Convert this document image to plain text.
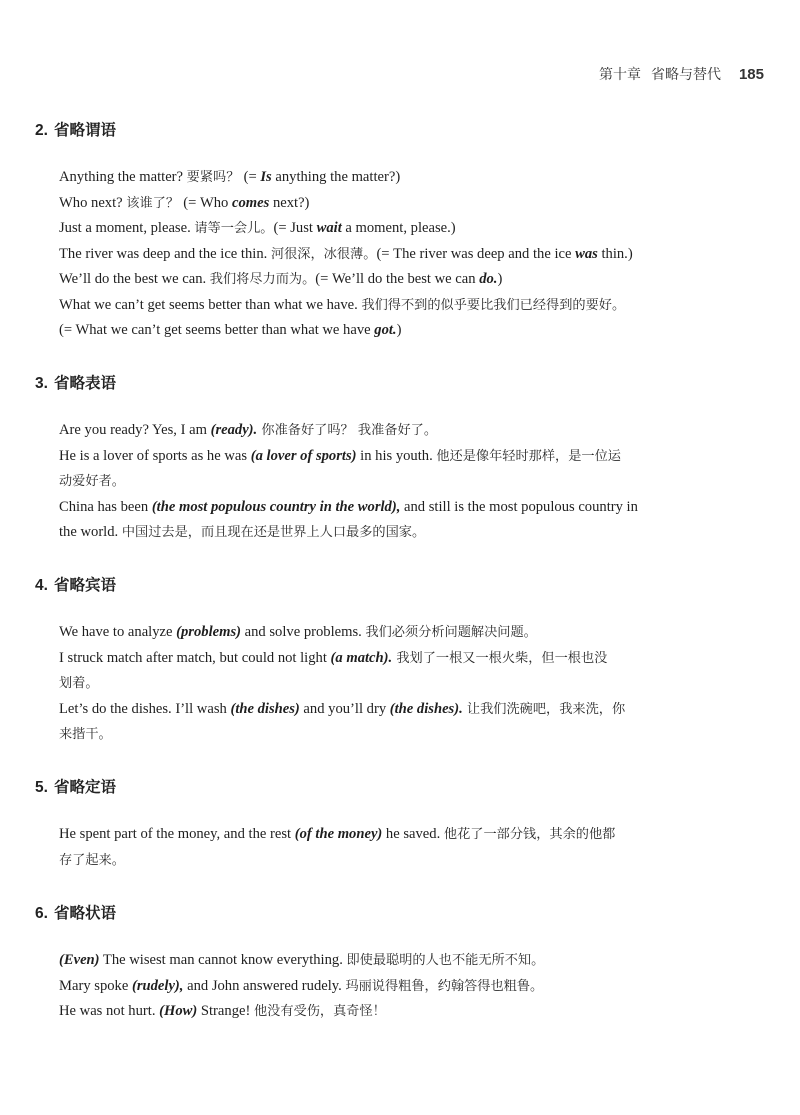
第十章 省略与替代 185
2. 省略谓语
Anything the matter? 要紧吗？ (= Is anything the matter?)
Who next? 该谁了？ (= Who comes next?)
Just a moment, please. 请等一会儿。(= Just wait a moment, please.)
The river was deep and the ice thin. 河很深，冰很薄。(= The river was deep and the ice was thin.)
We’ll do the best we can. 我们将尽力而为。(= We’ll do the best we can do.)
What we can’t get seems better than what we have. 我们得不到的似乎要比我们已经得到的要好。
(= What we can’t get seems better than what we have got.)
3. 省略表语
Are you ready? Yes, I am (ready). 你准备好了吗？ 我准备好了。
He is a lover of sports as he was (a lover of sports) in his youth. 他还是像年轻时那样，是一位运
动爱好者。
China has been (the most populous country in the world), and still is the most populous country in
the world. 中国过去是，而且现在还是世界上人口最多的国家。
4. 省略宾语
We have to analyze (problems) and solve problems. 我们必须分析问题解决问题。
I struck match after match, but could not light (a match). 我划了一根又一根火柴，但一根也没
划着。
Let’s do the dishes. I’ll wash (the dishes) and you’ll dry (the dishes). 让我们洗碗吧，我来洗，你
来揩干。
5. 省略定语
He spent part of the money, and the rest (of the money) he saved. 他花了一部分钱，其余的他都
存了起来。
6. 省略状语
(Even) The wisest man cannot know everything. 即使最聪明的人也不能无所不知。
Mary spoke (rudely), and John answered rudely. 玛丽说得粗鲁，约翰答得也粗鲁。
He was not hurt. (How) Strange! 他没有受伤，真奇怪！
